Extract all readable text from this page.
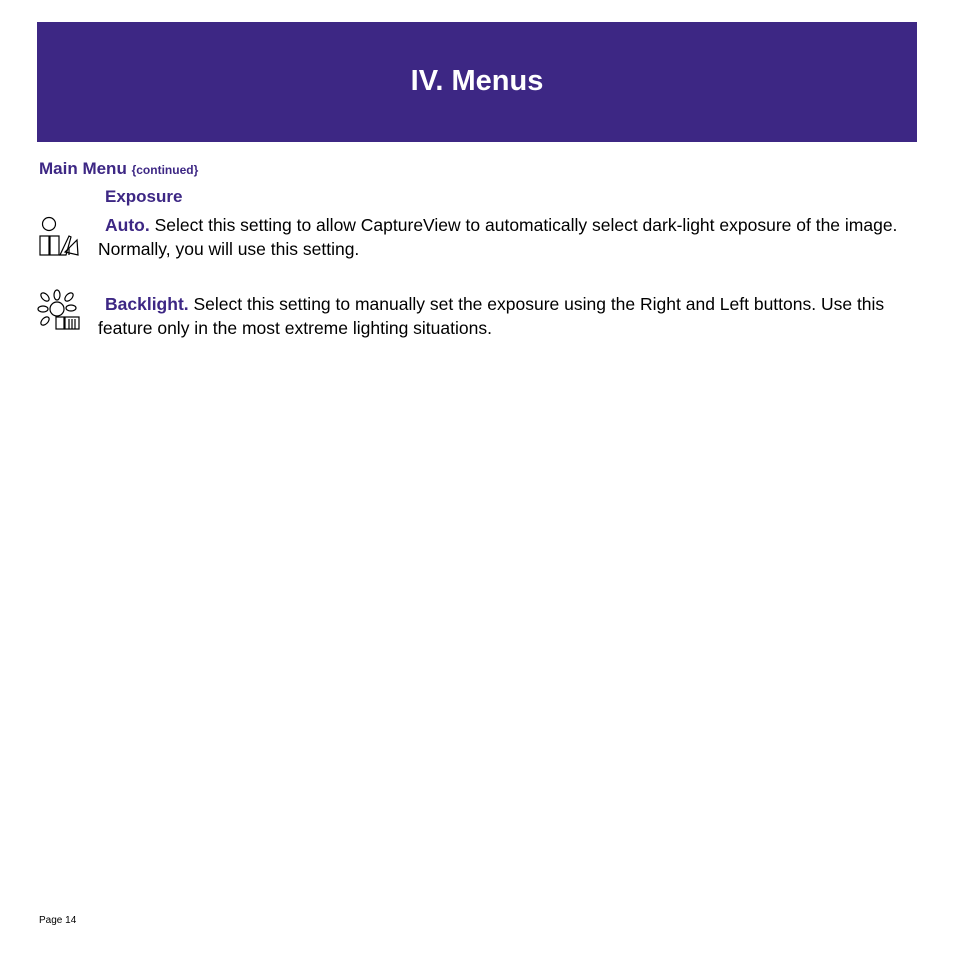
IV. Menus
Main Menu {continued}
Exposure
Auto. Select this setting to allow CaptureView to automatically select dark-light exposure of the image. Normally, you will use this setting.
Backlight. Select this setting to manually set the exposure using the Right and Left buttons. Use this feature only in the most extreme lighting situations.
Page 14
